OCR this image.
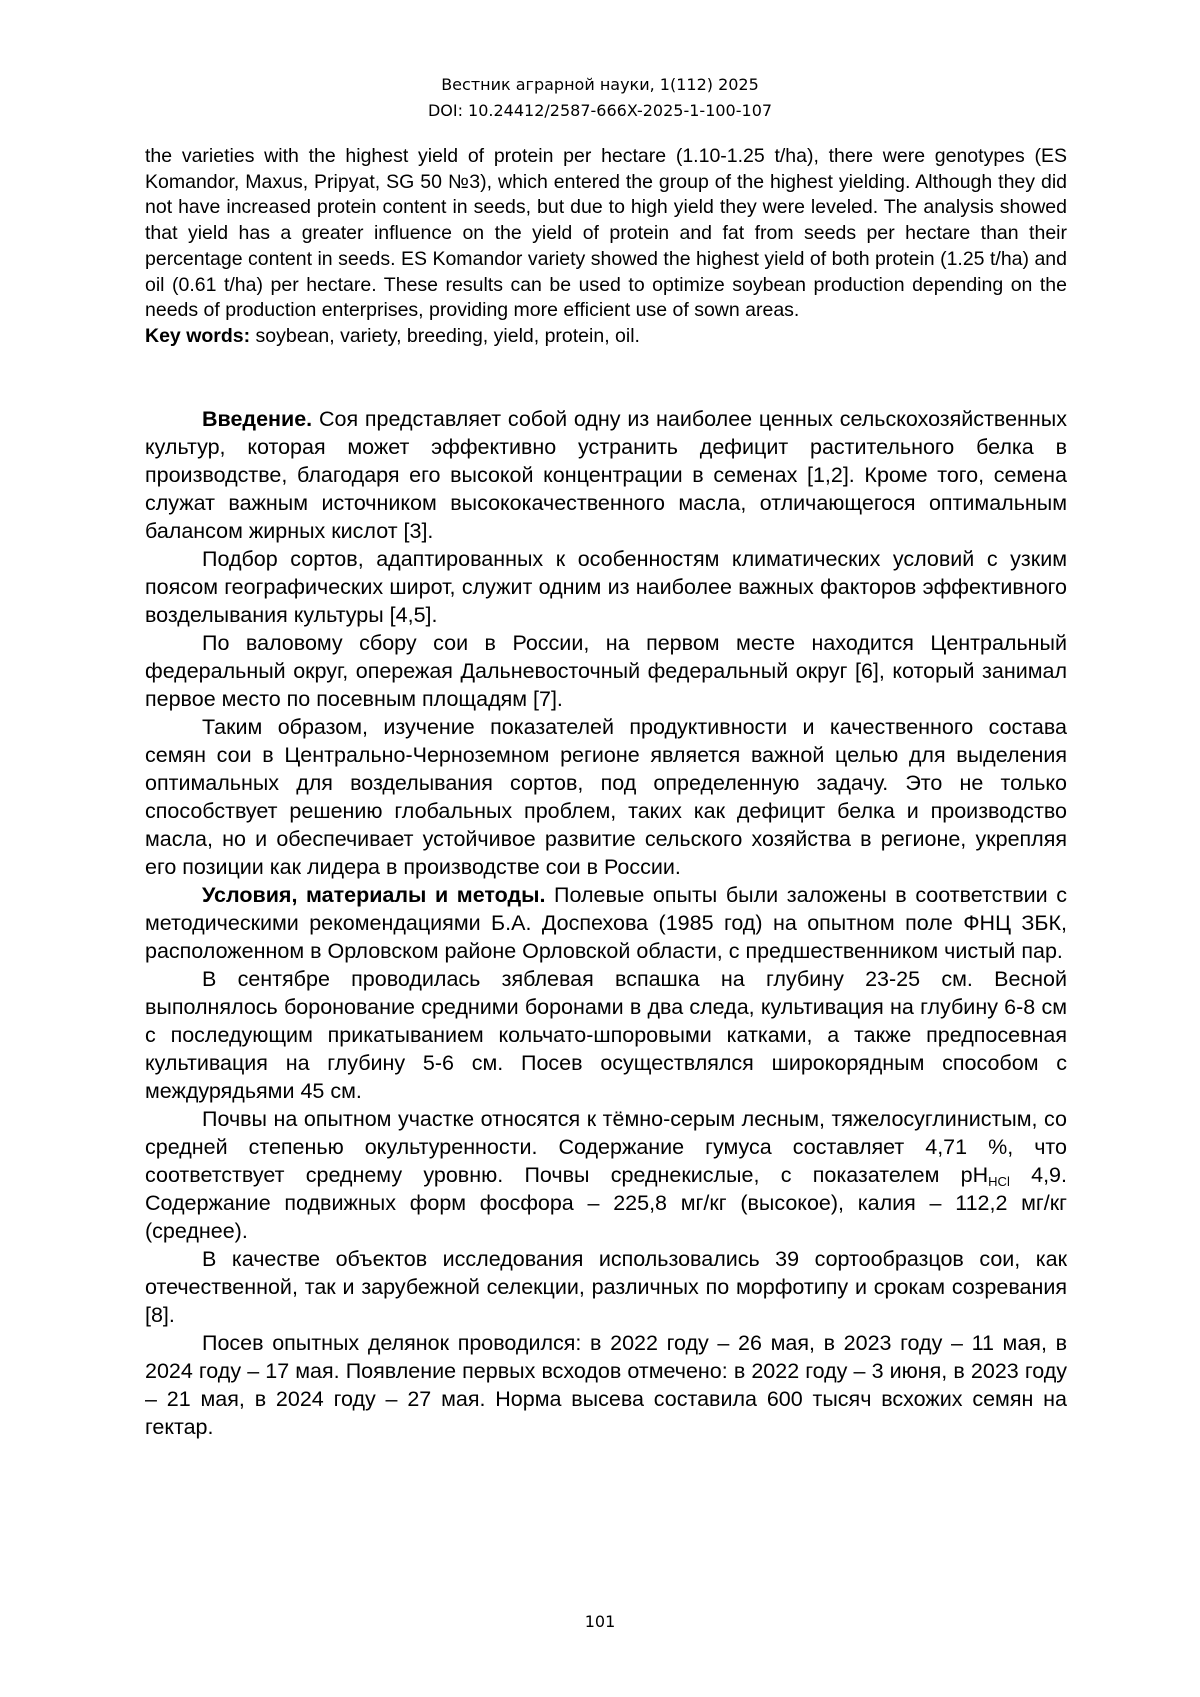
Вестник аграрной науки, 1(112) 2025
DOI: 10.24412/2587-666X-2025-1-100-107

the varieties with the highest yield of protein per hectare (1.10-1.25 t/ha), there were genotypes (ES Komandor, Maxus, Pripyat, SG 50 №3), which entered the group of the highest yielding. Although they did not have increased protein content in seeds, but due to high yield they were leveled. The analysis showed that yield has a greater influence on the yield of protein and fat from seeds per hectare than their percentage content in seeds. ES Komandor variety showed the highest yield of both protein (1.25 t/ha) and oil (0.61 t/ha) per hectare. These results can be used to optimize soybean production depending on the needs of production enterprises, providing more efficient use of sown areas.

Key words: soybean, variety, breeding, yield, protein, oil.

Введение. Соя представляет собой одну из наиболее ценных сельскохозяйственных культур, которая может эффективно устранить дефицит растительного белка в производстве, благодаря его высокой концентрации в семенах [1,2]. Кроме того, семена служат важным источником высококачественного масла, отличающегося оптимальным балансом жирных кислот [3].

Подбор сортов, адаптированных к особенностям климатических условий с узким поясом географических широт, служит одним из наиболее важных факторов эффективного возделывания культуры [4,5].

По валовому сбору сои в России, на первом месте находится Центральный федеральный округ, опережая Дальневосточный федеральный округ [6], который занимал первое место по посевным площадям [7].

Таким образом, изучение показателей продуктивности и качественного состава семян сои в Центрально-Черноземном регионе является важной целью для выделения оптимальных для возделывания сортов, под определенную задачу. Это не только способствует решению глобальных проблем, таких как дефицит белка и производство масла, но и обеспечивает устойчивое развитие сельского хозяйства в регионе, укрепляя его позиции как лидера в производстве сои в России.

Условия, материалы и методы. Полевые опыты были заложены в соответствии с методическими рекомендациями Б.А. Доспехова (1985 год) на опытном поле ФНЦ ЗБК, расположенном в Орловском районе Орловской области, с предшественником чистый пар.

В сентябре проводилась зяблевая вспашка на глубину 23-25 см. Весной выполнялось боронование средними боронами в два следа, культивация на глубину 6-8 см с последующим прикатыванием кольчато-шпоровыми катками, а также предпосевная культивация на глубину 5-6 см. Посев осуществлялся широкорядным способом с междурядьями 45 см.

Почвы на опытном участке относятся к тёмно-серым лесным, тяжелосуглинистым, со средней степенью окультуренности. Содержание гумуса составляет 4,71 %, что соответствует среднему уровню. Почвы среднекислые, с показателем $pH_{HCl}$ 4,9. Содержание подвижных форм фосфора – 225,8 мг/кг (высокое), калия – 112,2 мг/кг (среднее).

В качестве объектов исследования использовались 39 сортообразцов сои, как отечественной, так и зарубежной селекции, различных по морфотипу и срокам созревания [8].

Посев опытных делянок проводился: в 2022 году – 26 мая, в 2023 году – 11 мая, в 2024 году – 17 мая. Появление первых всходов отмечено: в 2022 году – 3 июня, в 2023 году – 21 мая, в 2024 году – 27 мая. Норма высева составила 600 тысяч всхожих семян на гектар.

101
